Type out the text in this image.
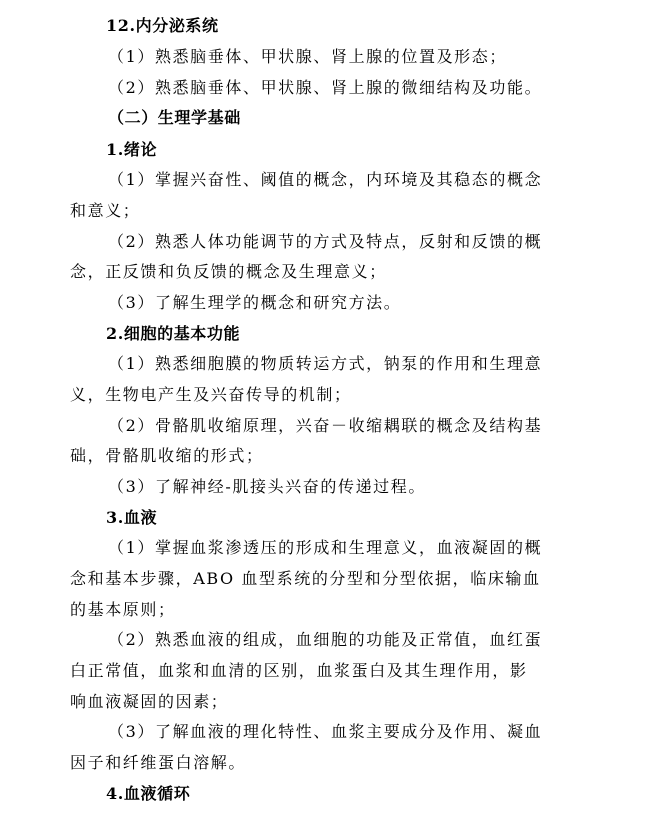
12.内分泌系统
（1）熟悉脑垂体、甲状腺、肾上腺的位置及形态；
（2）熟悉脑垂体、甲状腺、肾上腺的微细结构及功能。
（二）生理学基础
1.绪论
（1）掌握兴奋性、阈值的概念，内环境及其稳态的概念
和意义；
（2）熟悉人体功能调节的方式及特点，反射和反馈的概
念，正反馈和负反馈的概念及生理意义；
（3）了解生理学的概念和研究方法。
2.细胞的基本功能
（1）熟悉细胞膜的物质转运方式，钠泵的作用和生理意
义，生物电产生及兴奋传导的机制；
（2）骨骼肌收缩原理，兴奋－收缩耦联的概念及结构基
础，骨骼肌收缩的形式；
（3）了解神经-肌接头兴奋的传递过程。
3.血液
（1）掌握血浆渗透压的形成和生理意义，血液凝固的概
念和基本步骤，ABO 血型系统的分型和分型依据，临床输血
的基本原则；
（2）熟悉血液的组成，血细胞的功能及正常值，血红蛋
白正常值，血浆和血清的区别，血浆蛋白及其生理作用，影
响血液凝固的因素；
（3）了解血液的理化特性、血浆主要成分及作用、凝血
因子和纤维蛋白溶解。
4.血液循环
